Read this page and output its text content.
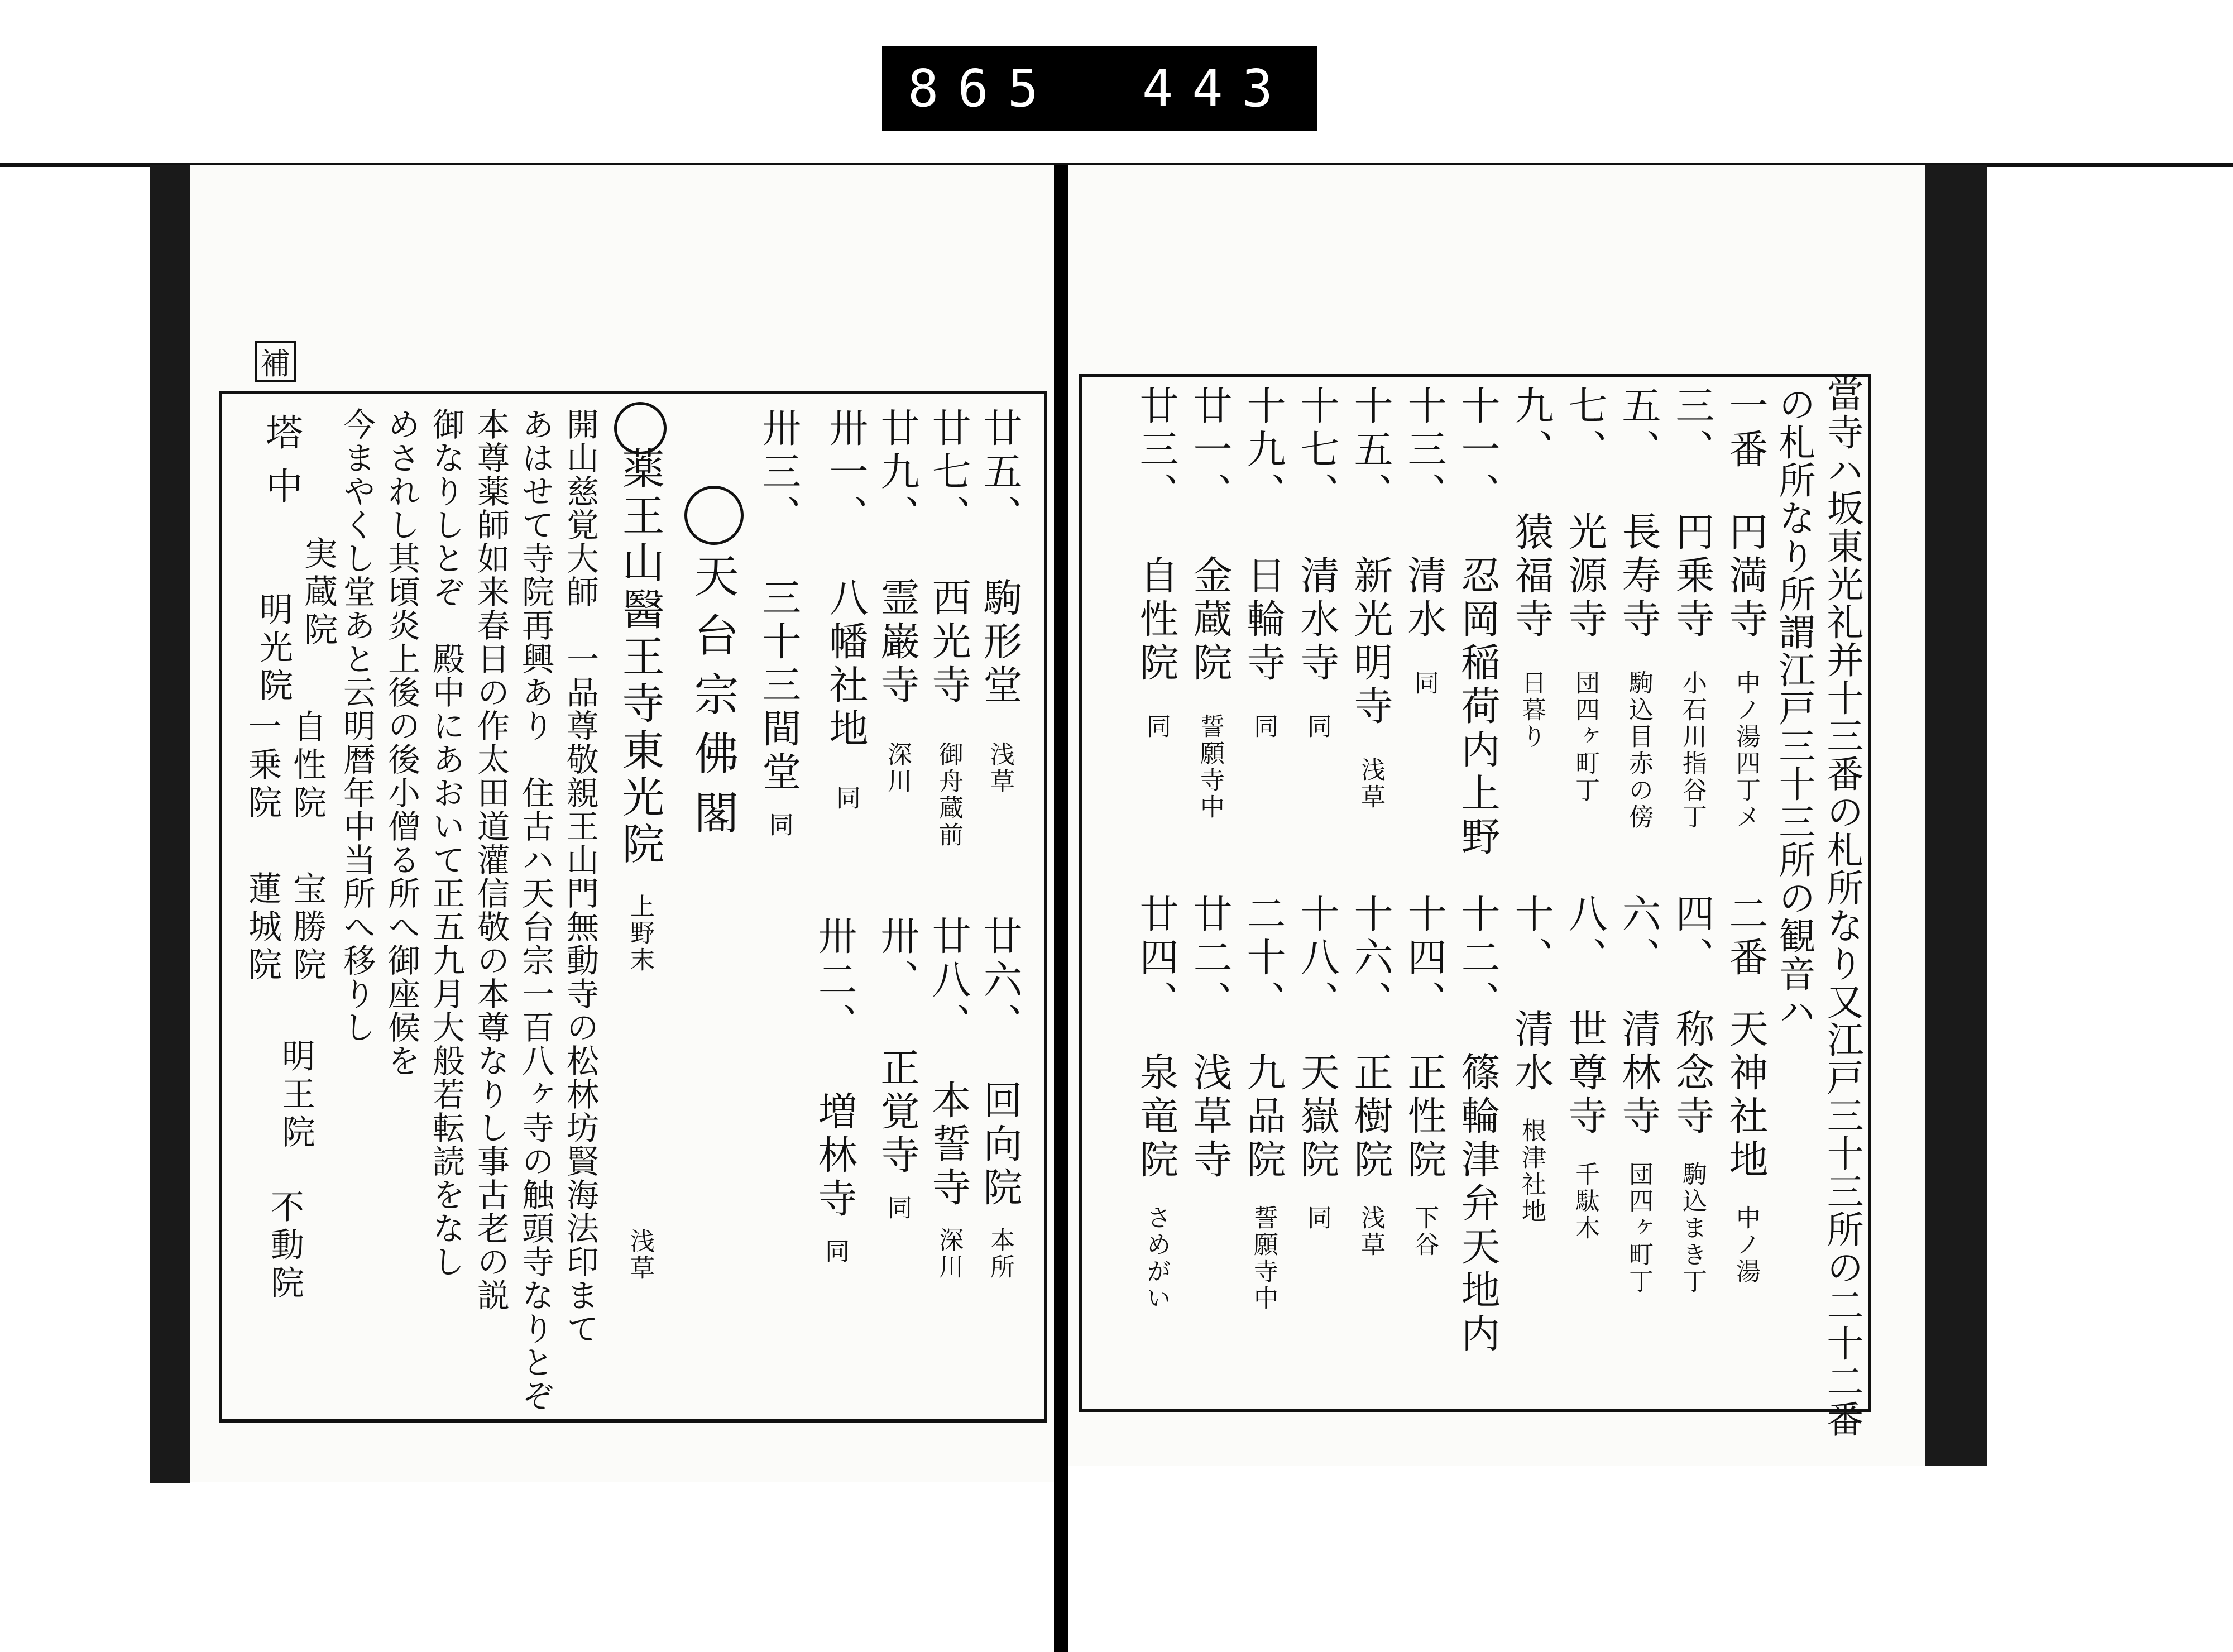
865 443
補
廿五、駒形堂浅草
廿六、回向院本所
廿七、西光寺御舟蔵前
廿八、本誓寺深川
廿九、霊巌寺深川
卅、正覚寺同
卅一、八幡社地同
卅二、増林寺同
卅三、三十三間堂同
天台宗佛閣
薬王山醫王寺東光院
上野末
浅草
開山慈覚大師　一品尊敬親王山門無動寺の松林坊賢海法印まて
あはせて寺院再興あり　住古ハ天台宗一百八ヶ寺の触頭寺なりとぞ
本尊薬師如来春日の作太田道灌信敬の本尊なりし事古老の説
御なりしとぞ　殿中にあおいて正五九月大般若転読をなし
めされし其頃炎上後の後小僧る所へ御座候を
今まやくし堂あと云明暦年中当所へ移りし
塔中
実蔵院
明光院
自性院
一乗院
宝勝院
蓮城院
明王院
不動院	當寺ハ坂東光礼并十三番の札所なり又江戸三十三所の二十二番
の札所なり所謂江戸三十三所の観音ハ
一番円満寺中ノ湯四丁メ
二番天神社地中ノ湯
三、円乗寺小石川指谷丁
四、称念寺駒込まき丁
五、長寿寺駒込目赤の傍
六、清林寺団四ヶ町丁
七、光源寺団四ヶ町丁
八、世尊寺千駄木
九、猿福寺日暮り
十、清水根津社地
十一、忍岡稲荷内上野
十二、篠輪津弁天地内
十三、清水同
十四、正性院下谷
十五、新光明寺浅草
十六、正樹院浅草
十七、清水寺同
十八、天嶽院同
十九、日輪寺同
二十、九品院誓願寺中
廿一、金蔵院誓願寺中
廿二、浅草寺
廿三、自性院同
廿四、泉竜院さめがい
